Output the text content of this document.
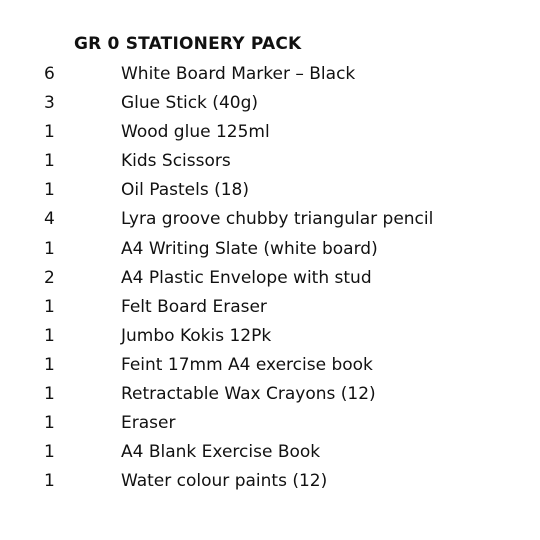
GR 0 STATIONERY PACK
6	White Board Marker – Black
3	Glue Stick (40g)
1	Wood glue 125ml
1	Kids Scissors
1	Oil Pastels (18)
4	Lyra groove chubby triangular pencil
1	A4 Writing Slate (white board)
2	A4 Plastic Envelope with stud
1	Felt Board Eraser
1	Jumbo Kokis 12Pk
1	Feint 17mm A4 exercise book
1	Retractable Wax Crayons (12)
1	Eraser
1	A4 Blank Exercise Book
1	Water colour paints (12)
